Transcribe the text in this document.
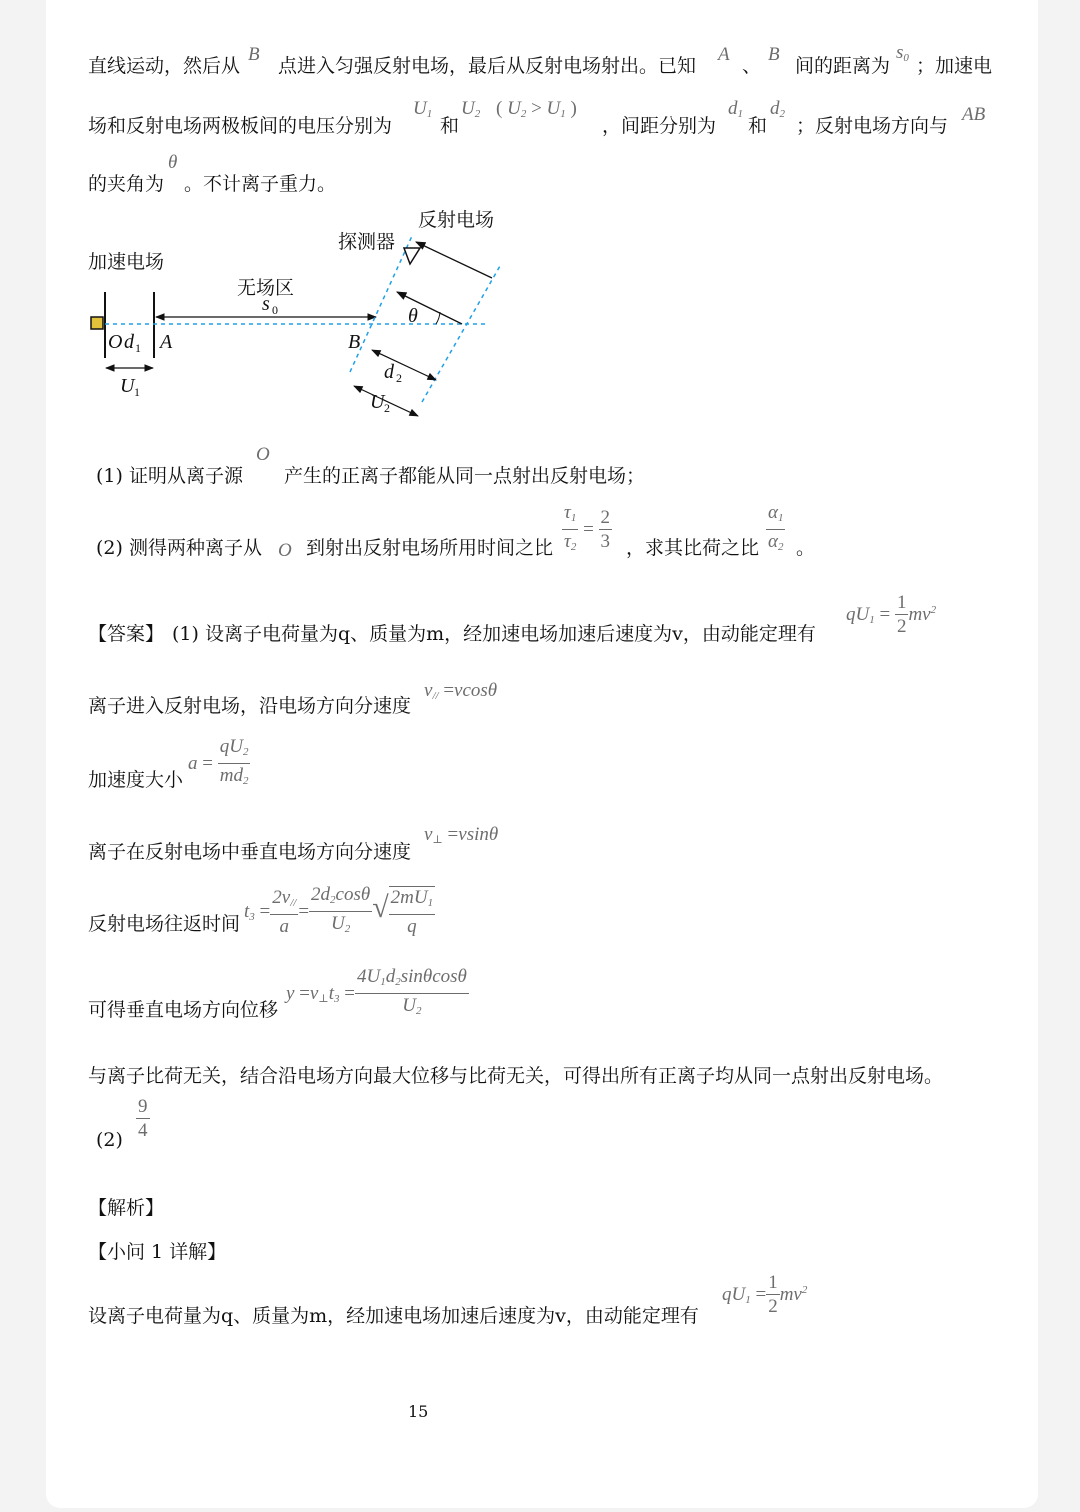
直线运动，然后从
B
点进入匀强反射电场，最后从反射电场射出。已知
A
、
B
间的距离为
$s_0$ ；加速电
场和反射电场两极板间的电压分别为
$U_1$
和
$U_2$ ( $U_2 > U_1$ )
，间距分别为
$d_1$
和
$d_2$
；反射电场方向与
AB
的夹角为
θ
。不计离子重力。
加速电场
反射电场
探测器
无场区
s 0
O d 1 A
U 1
θ
B
d 2
U 2
(1) 证明从离子源
O
产生的正离子都能从同一点射出反射电场；
(2) 测得两种离子从 O 到射出反射电场所用时间之比 $\frac{\tau_1}{\tau_2} = \frac{2}{3}$ ，求其比荷之比 $\frac{\alpha_1}{\alpha_2}$ 。
【答案】 (1) 设离子电荷量为q、质量为m，经加速电场加速后速度为v，由动能定理有
$qU_1 = \frac{1}{2} mv^2$
离子进入反射电场，沿电场方向分速度
$v_{//} =vcos\theta$
加速度大小
$a = \frac{qU_2}{md_2}$
离子在反射电场中垂直电场方向分速度
$v_\perp =vsin\theta$
反射电场往返时间
$t_3 = \frac{2v_{//}}{a} = \frac{2d_2\cos\theta}{U_2}$ √ $\frac{2mU_1}{q}$
可得垂直电场方向位移
$y =v_\perp t_3 = \frac{4U_1d_2\sin\theta\cos\theta}{U_2}$
与离子比荷无关，结合沿电场方向最大位移与比荷无关，可得出所有正离子均从同一点射出反射电场。
$(2) \frac{9}{4}$
【解析】
【小问 1 详解】
设离子电荷量为q、质量为m，经加速电场加速后速度为v，由动能定理有
$qU_1 = \frac{1}{2} mv^2$
15
